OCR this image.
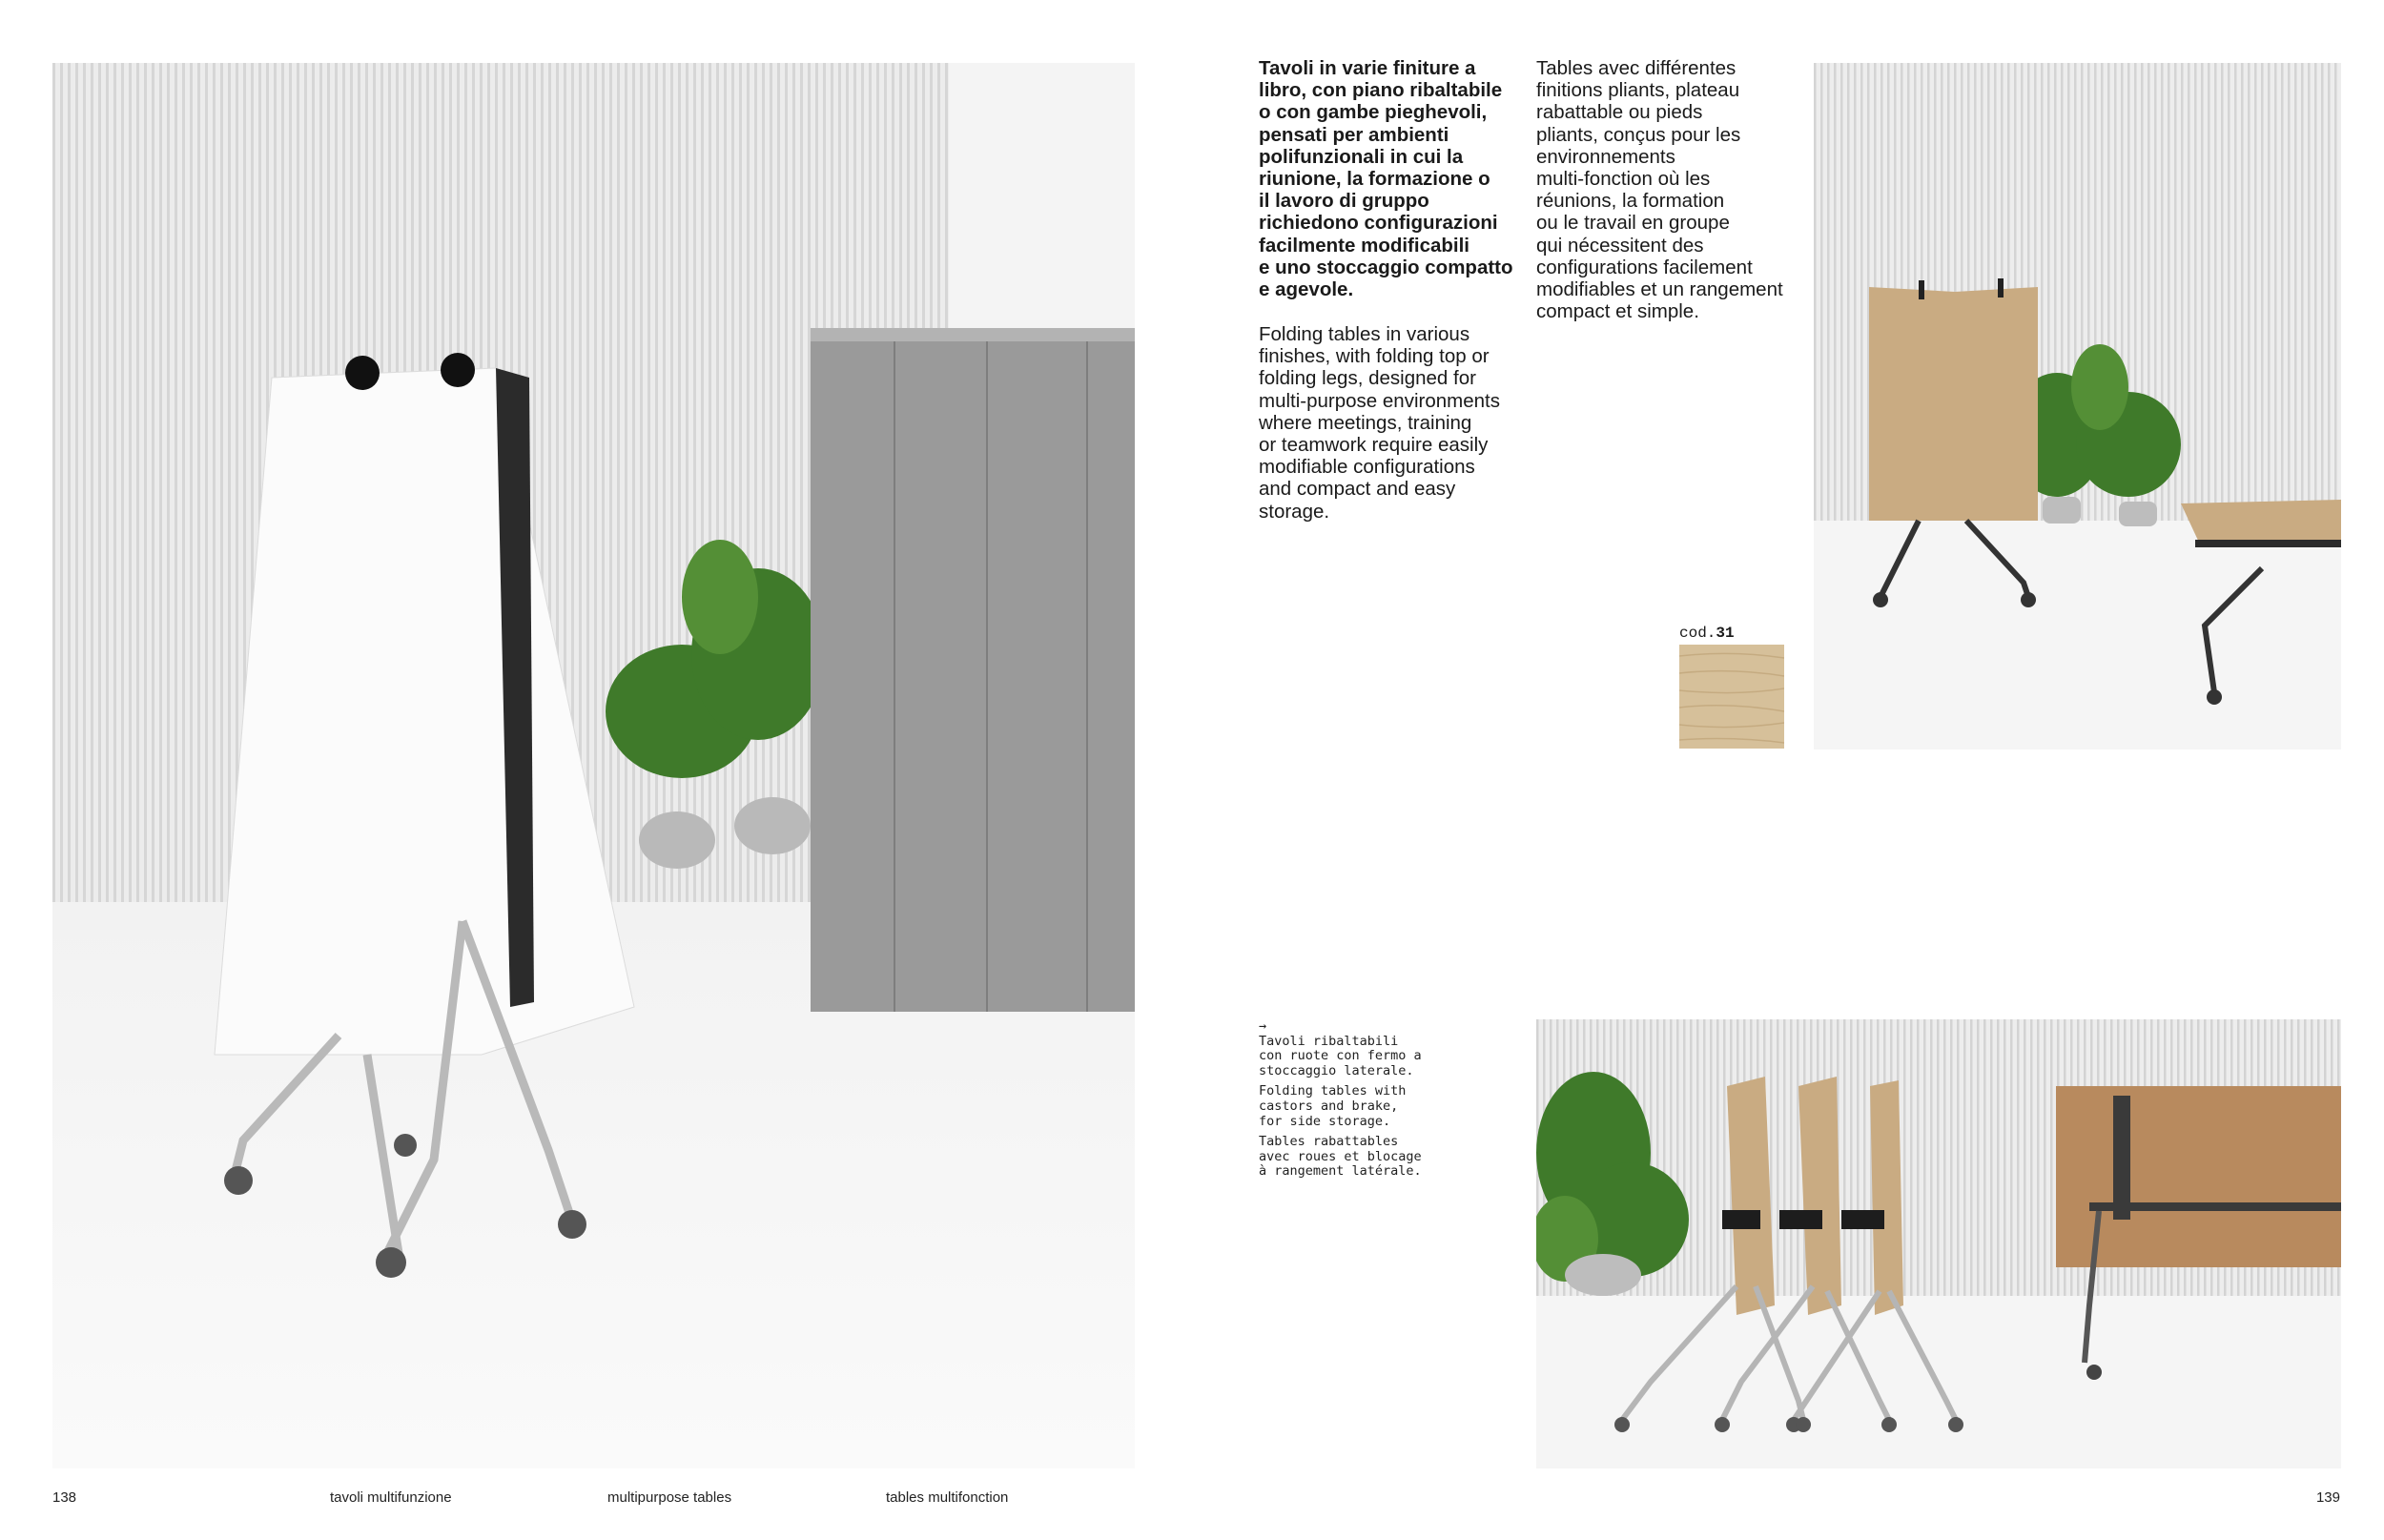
Tavoli in varie finiture a

libro, con piano ribaltabile

o con gambe pieghevoli,

pensati per ambienti

polifunzionali in cui la

riunione, la formazione o

il lavoro di gruppo

richiedono configurazioni

facilmente modificabili

e uno stoccaggio compatto

e agevole.

Folding tables in various

finishes, with folding top or

folding legs, designed for

multi-purpose environments

where meetings, training

or teamwork require easily

modifiable configurations

and compact and easy

storage.

Tables avec différentes

finitions pliants, plateau

rabattable ou pieds

pliants, conçus pour les

environnements

multi-fonction où les

réunions, la formation

ou le travail en groupe

qui nécessitent des

configurations facilement

modifiables et un rangement

compact et simple.

cod.31

→

Tavoli ribaltabili
con ruote con fermo a
stoccaggio laterale.

Folding tables with
castors and brake,
for side storage.

Tables rabattables
avec roues et blocage
à rangement latérale.

138	tavoli multifunzione	multipurpose tables	tables multifonction	139
